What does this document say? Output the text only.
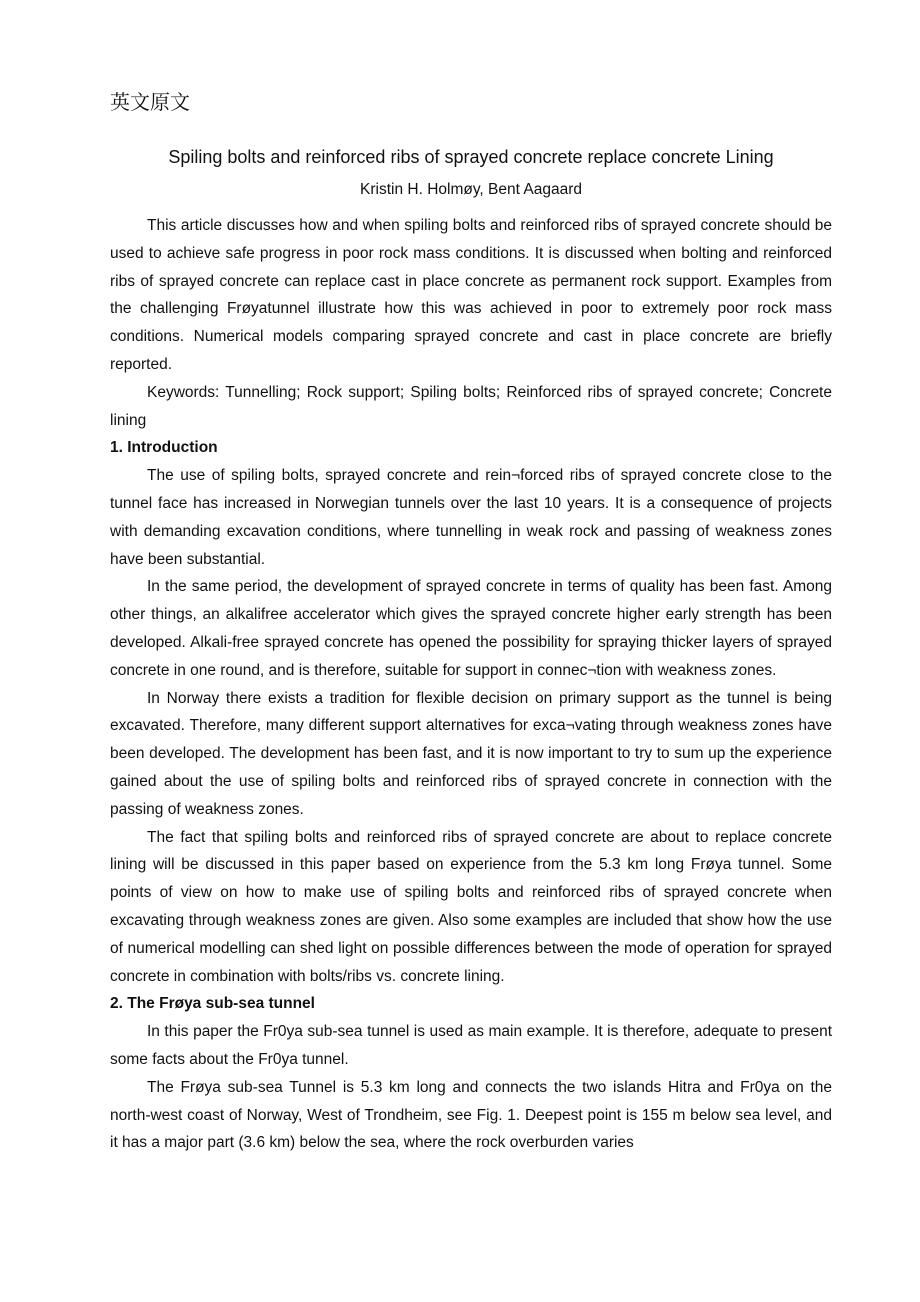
英文原文
Spiling bolts and reinforced ribs of sprayed concrete replace concrete Lining
Kristin H. Holmøy, Bent Aagaard

This article discusses how and when spiling bolts and reinforced ribs of sprayed concrete should be used to achieve safe progress in poor rock mass conditions. It is discussed when bolting and reinforced ribs of sprayed concrete can replace cast in place concrete as permanent rock support. Examples from the challenging Frøyatunnel illustrate how this was achieved in poor to extremely poor rock mass conditions. Numerical models comparing sprayed concrete and cast in place concrete are briefly reported.

Keywords: Tunnelling; Rock support; Spiling bolts; Reinforced ribs of sprayed concrete; Concrete lining

1. Introduction

The use of spiling bolts, sprayed concrete and rein¬forced ribs of sprayed concrete close to the tunnel face has increased in Norwegian tunnels over the last 10 years. It is a consequence of projects with demanding excavation conditions, where tunnelling in weak rock and passing of weakness zones have been substantial.

In the same period, the development of sprayed concrete in terms of quality has been fast. Among other things, an alkalifree accelerator which gives the sprayed concrete higher early strength has been developed. Alkali-free sprayed concrete has opened the possibility for spraying thicker layers of sprayed concrete in one round, and is therefore, suitable for support in connec¬tion with weakness zones.

In Norway there exists a tradition for flexible decision on primary support as the tunnel is being excavated. Therefore, many different support alternatives for exca¬vating through weakness zones have been developed. The development has been fast, and it is now important to try to sum up the experience gained about the use of spiling bolts and reinforced ribs of sprayed concrete in connection with the passing of weakness zones.

The fact that spiling bolts and reinforced ribs of sprayed concrete are about to replace concrete lining will be discussed in this paper based on experience from the 5.3 km long Frøya tunnel. Some points of view on how to make use of spiling bolts and reinforced ribs of sprayed concrete when excavating through weakness zones are given. Also some examples are included that show how the use of numerical modelling can shed light on possible differences between the mode of operation for sprayed concrete in combination with bolts/ribs vs. concrete lining.

2. The Frøya sub-sea tunnel

In this paper the Fr0ya sub-sea tunnel is used as main example. It is therefore, adequate to present some facts about the Fr0ya tunnel.

The Frøya sub-sea Tunnel is 5.3 km long and connects the two islands Hitra and Fr0ya on the north-west coast of Norway, West of Trondheim, see Fig. 1. Deepest point is 155 m below sea level, and it has a major part (3.6 km) below the sea, where the rock overburden varies
